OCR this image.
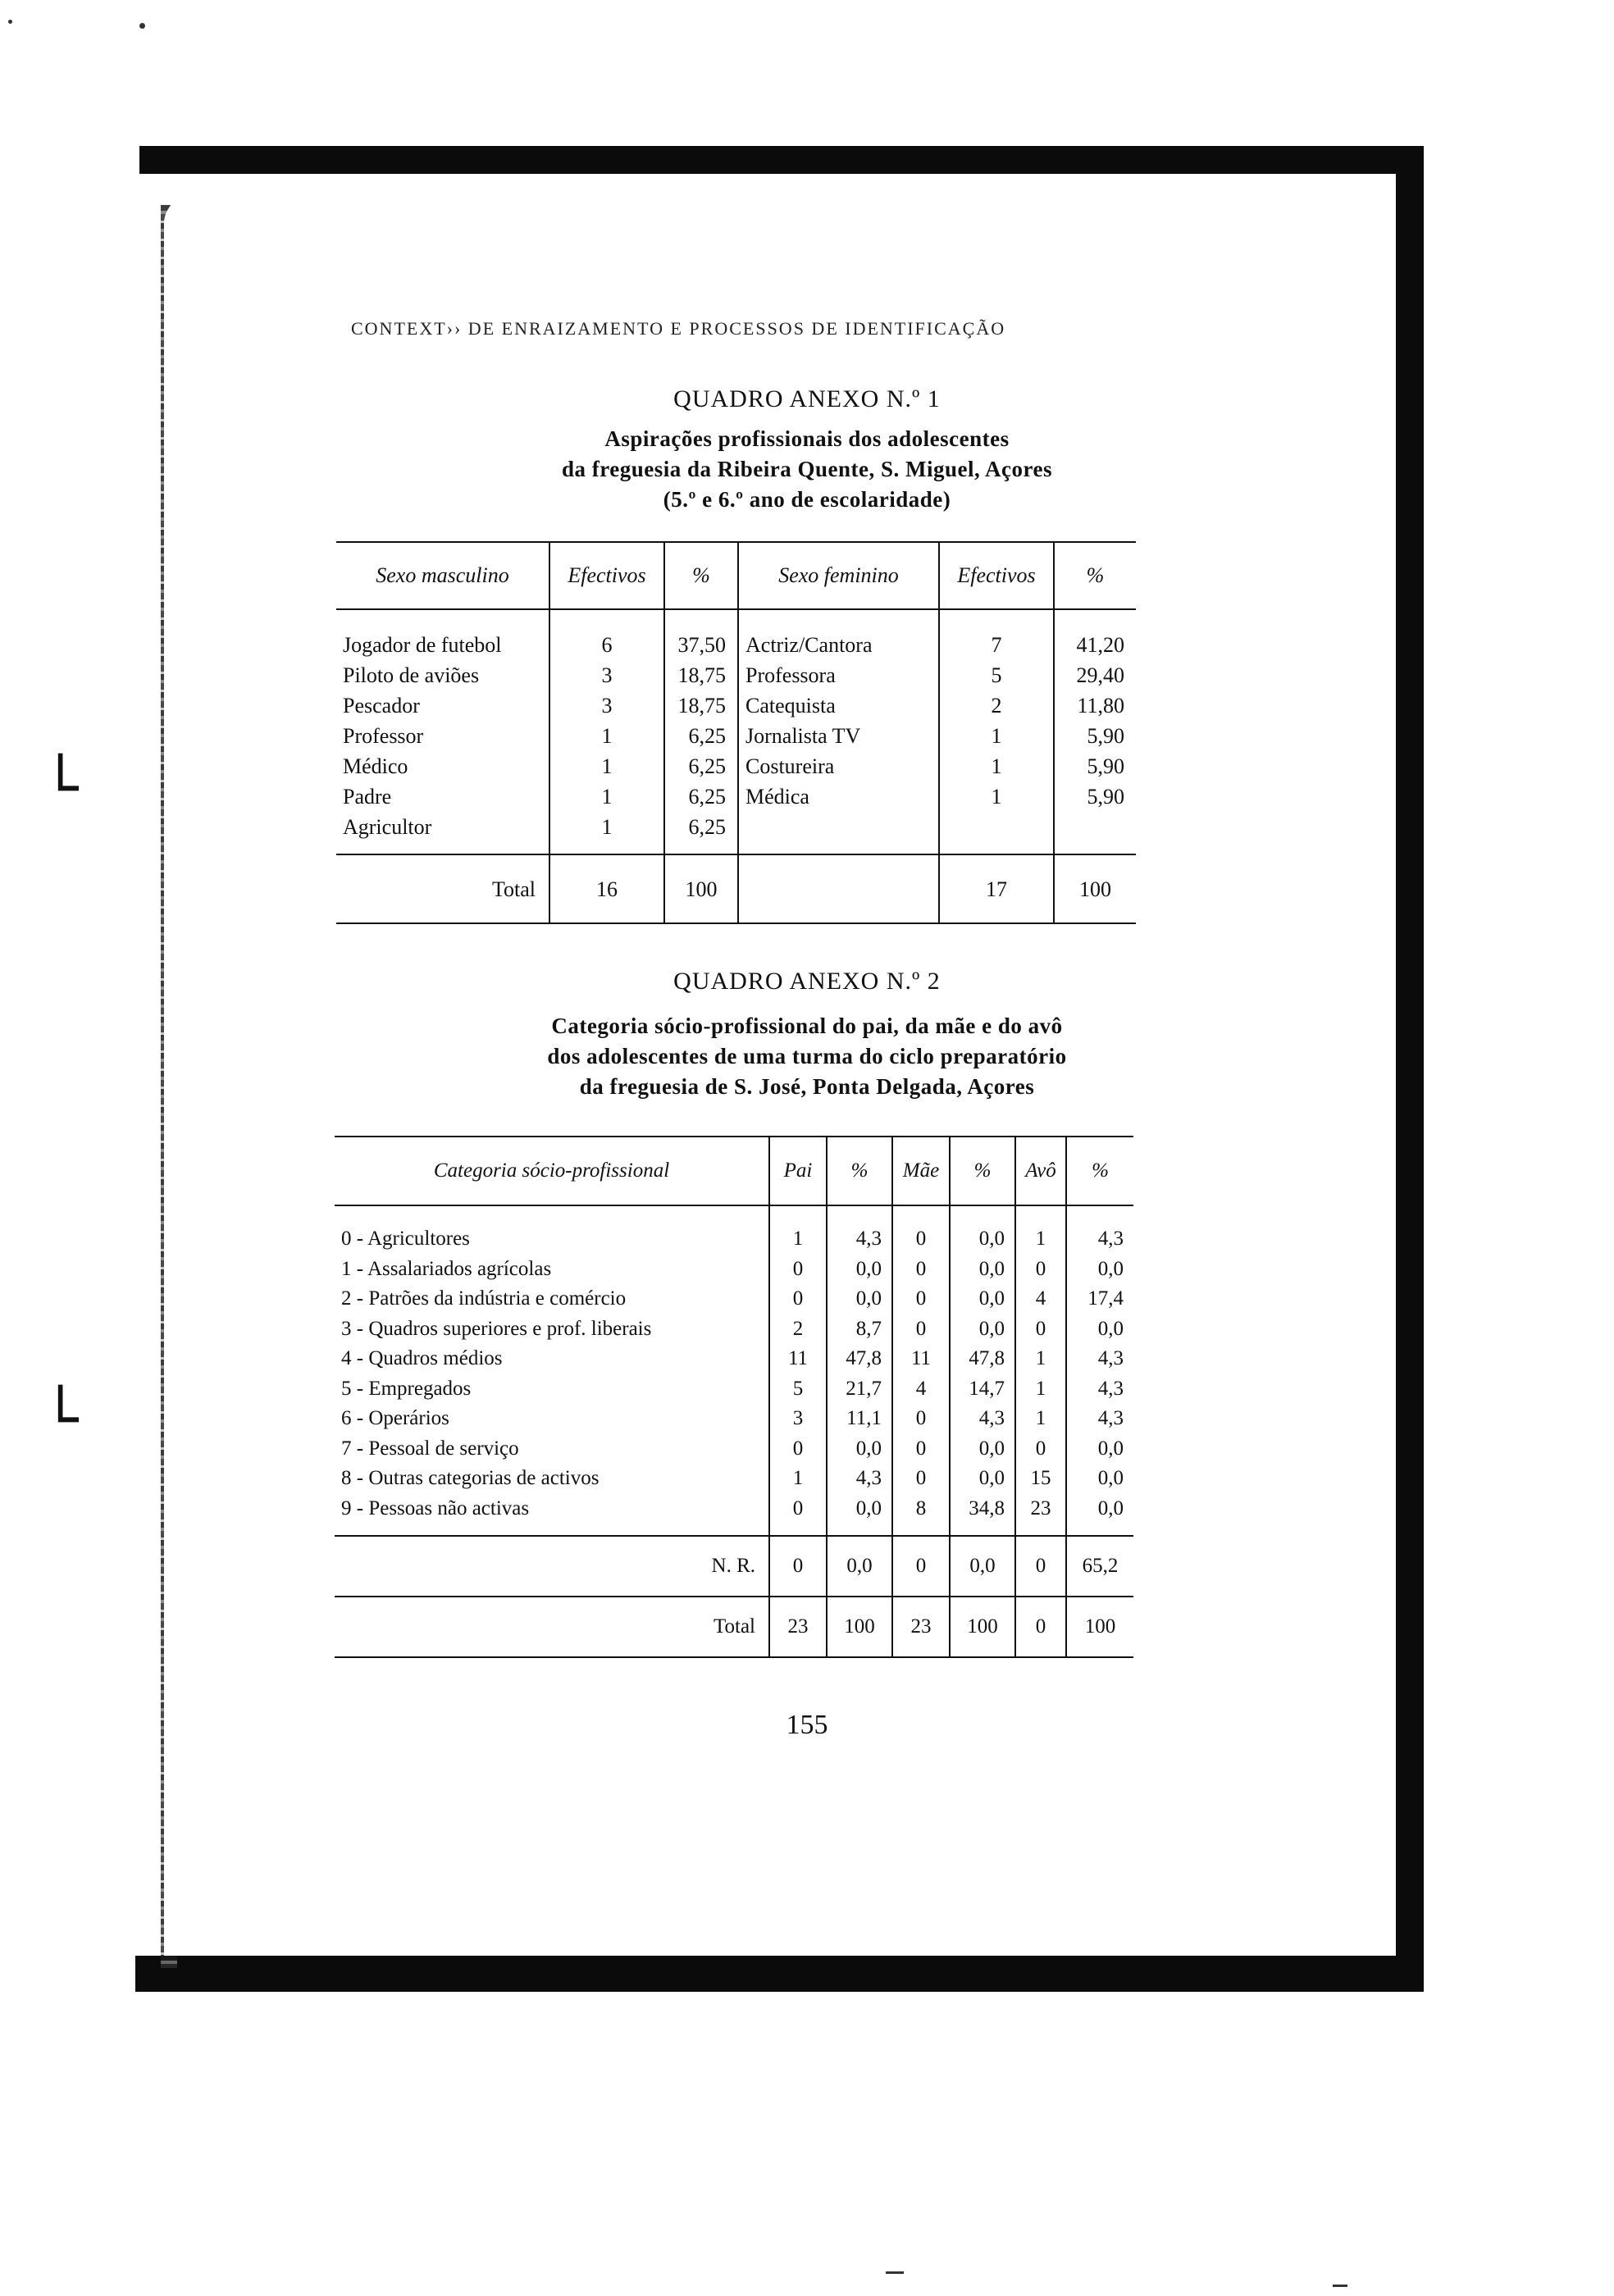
└
└
CONTEXT›› DE ENRAIZAMENTO E PROCESSOS DE IDENTIFICAÇÃO
QUADRO ANEXO N.º 1
Aspirações profissionais dos adolescentes
da freguesia da Ribeira Quente, S. Miguel, Açores
(5.º e 6.º ano de escolaridade)
Sexo masculino	Efectivos	%	Sexo feminino	Efectivos	%

Jogador de futebol	6	37,50	Actriz/Cantora	7	41,20
Piloto de aviões	3	18,75	Professora	5	29,40
Pescador	3	18,75	Catequista	2	11,80
Professor	1	6,25	Jornalista TV	1	5,90
Médico	1	6,25	Costureira	1	5,90
Padre	1	6,25	Médica	1	5,90
Agricultor	1	6,25			

Total	16	100		17	100
QUADRO ANEXO N.º 2
Categoria sócio-profissional do pai, da mãe e do avô
dos adolescentes de uma turma do ciclo preparatório
da freguesia de S. José, Ponta Delgada, Açores
Categoria sócio-profissional	Pai	%	Mãe	%	Avô	%

0 - Agricultores	1	4,3	0	0,0	1	4,3
1 - Assalariados agrícolas	0	0,0	0	0,0	0	0,0
2 - Patrões da indústria e comércio	0	0,0	0	0,0	4	17,4
3 - Quadros superiores e prof. liberais	2	8,7	0	0,0	0	0,0
4 - Quadros médios	11	47,8	11	47,8	1	4,3
5 - Empregados	5	21,7	4	14,7	1	4,3
6 - Operários	3	11,1	0	4,3	1	4,3
7 - Pessoal de serviço	0	0,0	0	0,0	0	0,0
8 - Outras categorias de activos	1	4,3	0	0,0	15	0,0
9 - Pessoas não activas	0	0,0	8	34,8	23	0,0

N. R.	0	0,0	0	0,0	0	65,2
Total	23	100	23	100	0	100
155
